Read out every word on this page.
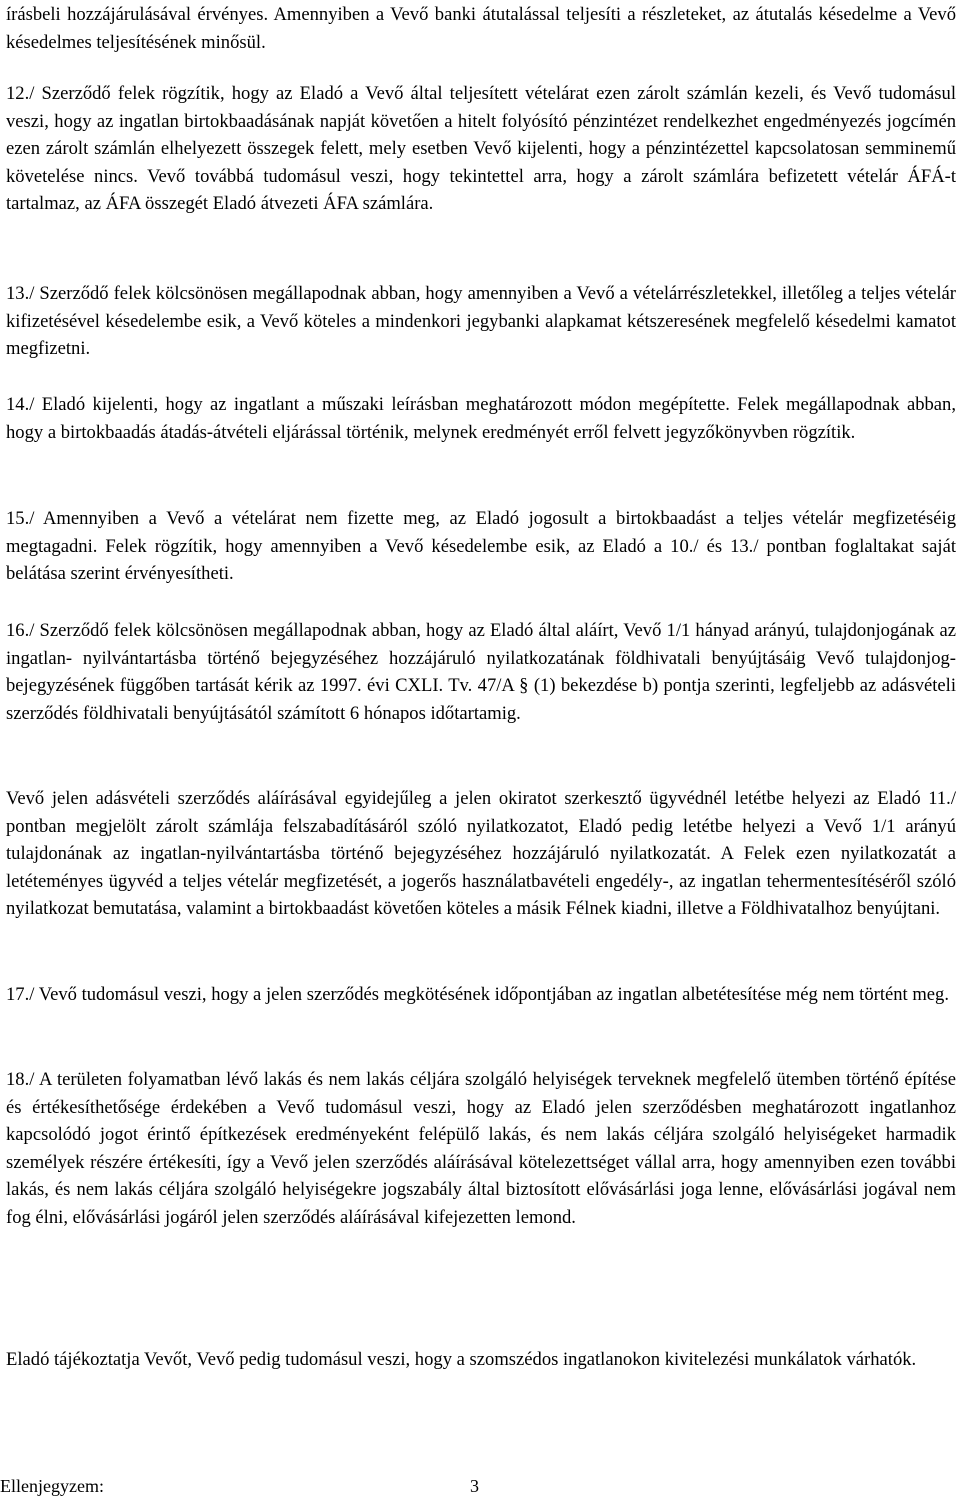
írásbeli hozzájárulásával érvényes. Amennyiben a Vevő banki átutalással teljesíti a részleteket, az átutalás késedelme a Vevő késedelmes teljesítésének minősül.

12./ Szerződő felek rögzítik, hogy az Eladó a Vevő által teljesített vételárat ezen zárolt számlán kezeli, és Vevő tudomásul veszi, hogy az ingatlan birtokbaadásának napját követően a hitelt folyósító pénzintézet rendelkezhet engedményezés jogcímén ezen zárolt számlán elhelyezett összegek felett, mely esetben Vevő kijelenti, hogy a pénzintézettel kapcsolatosan semminemű követelése nincs. Vevő továbbá tudomásul veszi, hogy tekintettel arra, hogy a zárolt számlára befizetett vételár ÁFÁ-t tartalmaz, az ÁFA összegét Eladó átvezeti ÁFA számlára.

13./ Szerződő felek kölcsönösen megállapodnak abban, hogy amennyiben a Vevő a vételárrészletekkel, illetőleg a teljes vételár kifizetésével késedelembe esik, a Vevő köteles a mindenkori jegybanki alapkamat kétszeresének megfelelő késedelmi kamatot megfizetni.

14./ Eladó kijelenti, hogy az ingatlant a műszaki leírásban meghatározott módon megépítette. Felek megállapodnak abban, hogy a birtokbaadás átadás-átvételi eljárással történik, melynek eredményét erről felvett jegyzőkönyvben rögzítik.

15./ Amennyiben a Vevő a vételárat nem fizette meg, az Eladó jogosult a birtokbaadást a teljes vételár megfizetéséig megtagadni. Felek rögzítik, hogy amennyiben a Vevő késedelembe esik, az Eladó a 10./ és 13./ pontban foglaltakat saját belátása szerint érvényesítheti.

16./ Szerződő felek kölcsönösen megállapodnak abban, hogy az Eladó által aláírt, Vevő 1/1 hányad arányú, tulajdonjogának az ingatlan- nyilvántartásba történő bejegyzéséhez hozzájáruló nyilatkozatának földhivatali benyújtásáig Vevő tulajdonjog-bejegyzésének függőben tartását kérik az 1997. évi CXLI. Tv. 47/A § (1) bekezdése b) pontja szerinti, legfeljebb az adásvételi szerződés földhivatali benyújtásától számított 6 hónapos időtartamig.

Vevő jelen adásvételi szerződés aláírásával egyidejűleg a jelen okiratot szerkesztő ügyvédnél letétbe helyezi az Eladó 11./ pontban megjelölt zárolt számlája felszabadításáról szóló nyilatkozatot, Eladó pedig letétbe helyezi a Vevő 1/1 arányú tulajdonának az ingatlan-nyilvántartásba történő bejegyzéséhez hozzájáruló nyilatkozatát. A Felek ezen nyilatkozatát a letéteményes ügyvéd a teljes vételár megfizetését, a jogerős használatbavételi engedély-, az ingatlan tehermentesítéséről szóló nyilatkozat bemutatása, valamint a birtokbaadást követően köteles a másik Félnek kiadni, illetve a Földhivatalhoz benyújtani.

17./ Vevő tudomásul veszi, hogy a jelen szerződés megkötésének időpontjában az ingatlan albetétesítése még nem történt meg.

18./ A területen folyamatban lévő lakás és nem lakás céljára szolgáló helyiségek terveknek megfelelő ütemben történő építése és értékesíthetősége érdekében a Vevő tudomásul veszi, hogy az Eladó jelen szerződésben meghatározott ingatlanhoz kapcsolódó jogot érintő építkezések eredményeként felépülő lakás, és nem lakás céljára szolgáló helyiségeket harmadik személyek részére értékesíti, így a Vevő jelen szerződés aláírásával kötelezettséget vállal arra, hogy amennyiben ezen további lakás, és nem lakás céljára szolgáló helyiségekre jogszabály által biztosított elővásárlási joga lenne, elővásárlási jogával nem fog élni, elővásárlási jogáról jelen szerződés aláírásával kifejezetten lemond.

Eladó tájékoztatja Vevőt, Vevő pedig tudomásul veszi, hogy a szomszédos ingatlanokon kivitelezési munkálatok várhatók.

Ellenjegyzem:	3
